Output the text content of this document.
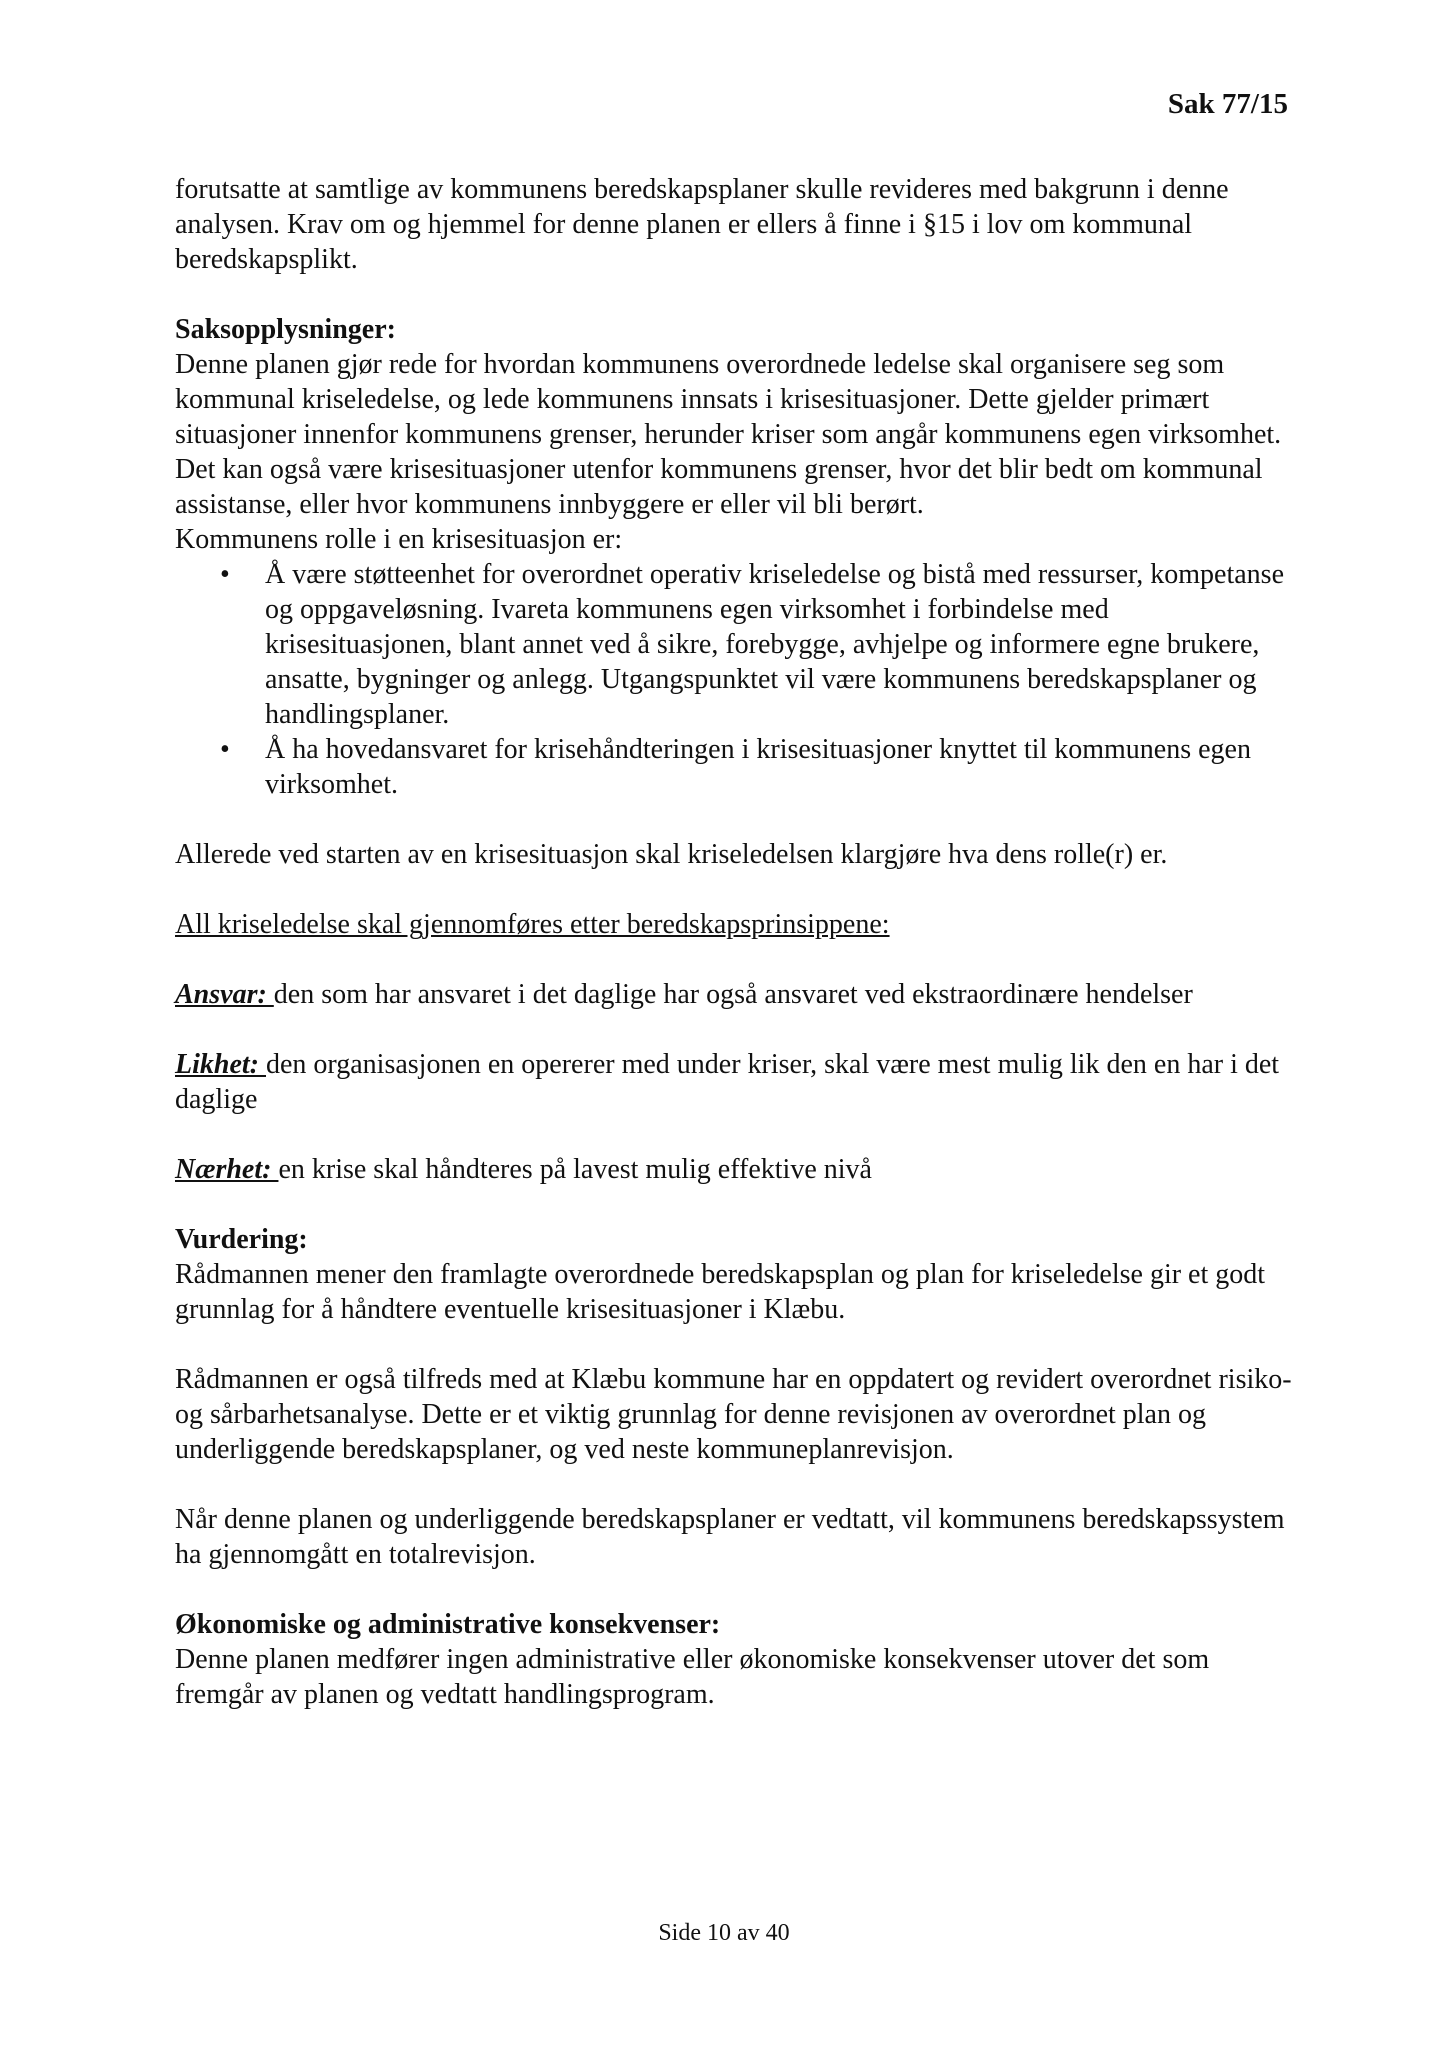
Sak 77/15

forutsatte at samtlige av kommunens beredskapsplaner skulle revideres med bakgrunn i denne analysen. Krav om og hjemmel for denne planen er ellers å finne i §15 i lov om kommunal beredskapsplikt.

Saksopplysninger:

Denne planen gjør rede for hvordan kommunens overordnede ledelse skal organisere seg som kommunal kriseledelse, og lede kommunens innsats i krisesituasjoner. Dette gjelder primært situasjoner innenfor kommunens grenser, herunder kriser som angår kommunens egen virksomhet. Det kan også være krisesituasjoner utenfor kommunens grenser, hvor det blir bedt om kommunal assistanse, eller hvor kommunens innbyggere er eller vil bli berørt.

Kommunens rolle i en krisesituasjon er:

• Å være støtteenhet for overordnet operativ kriseledelse og bistå med ressurser, kompetanse og oppgaveløsning. Ivareta kommunens egen virksomhet i forbindelse med krisesituasjonen, blant annet ved å sikre, forebygge, avhjelpe og informere egne brukere, ansatte, bygninger og anlegg. Utgangspunktet vil være kommunens beredskapsplaner og handlingsplaner.
• Å ha hovedansvaret for krisehåndteringen i krisesituasjoner knyttet til kommunens egen virksomhet.

Allerede ved starten av en krisesituasjon skal kriseledelsen klargjøre hva dens rolle(r) er.

All kriseledelse skal gjennomføres etter beredskapsprinsippene:

Ansvar: den som har ansvaret i det daglige har også ansvaret ved ekstraordinære hendelser

Likhet: den organisasjonen en opererer med under kriser, skal være mest mulig lik den en har i det daglige

Nærhet: en krise skal håndteres på lavest mulig effektive nivå

Vurdering:

Rådmannen mener den framlagte overordnede beredskapsplan og plan for kriseledelse gir et godt grunnlag for å håndtere eventuelle krisesituasjoner i Klæbu.

Rådmannen er også tilfreds med at Klæbu kommune har en oppdatert og revidert overordnet risiko- og sårbarhetsanalyse. Dette er et viktig grunnlag for denne revisjonen av overordnet plan og underliggende beredskapsplaner, og ved neste kommuneplanrevisjon.

Når denne planen og underliggende beredskapsplaner er vedtatt, vil kommunens beredskapssystem ha gjennomgått en totalrevisjon.

Økonomiske og administrative konsekvenser:

Denne planen medfører ingen administrative eller økonomiske konsekvenser utover det som fremgår av planen og vedtatt handlingsprogram.

Side 10 av 40
